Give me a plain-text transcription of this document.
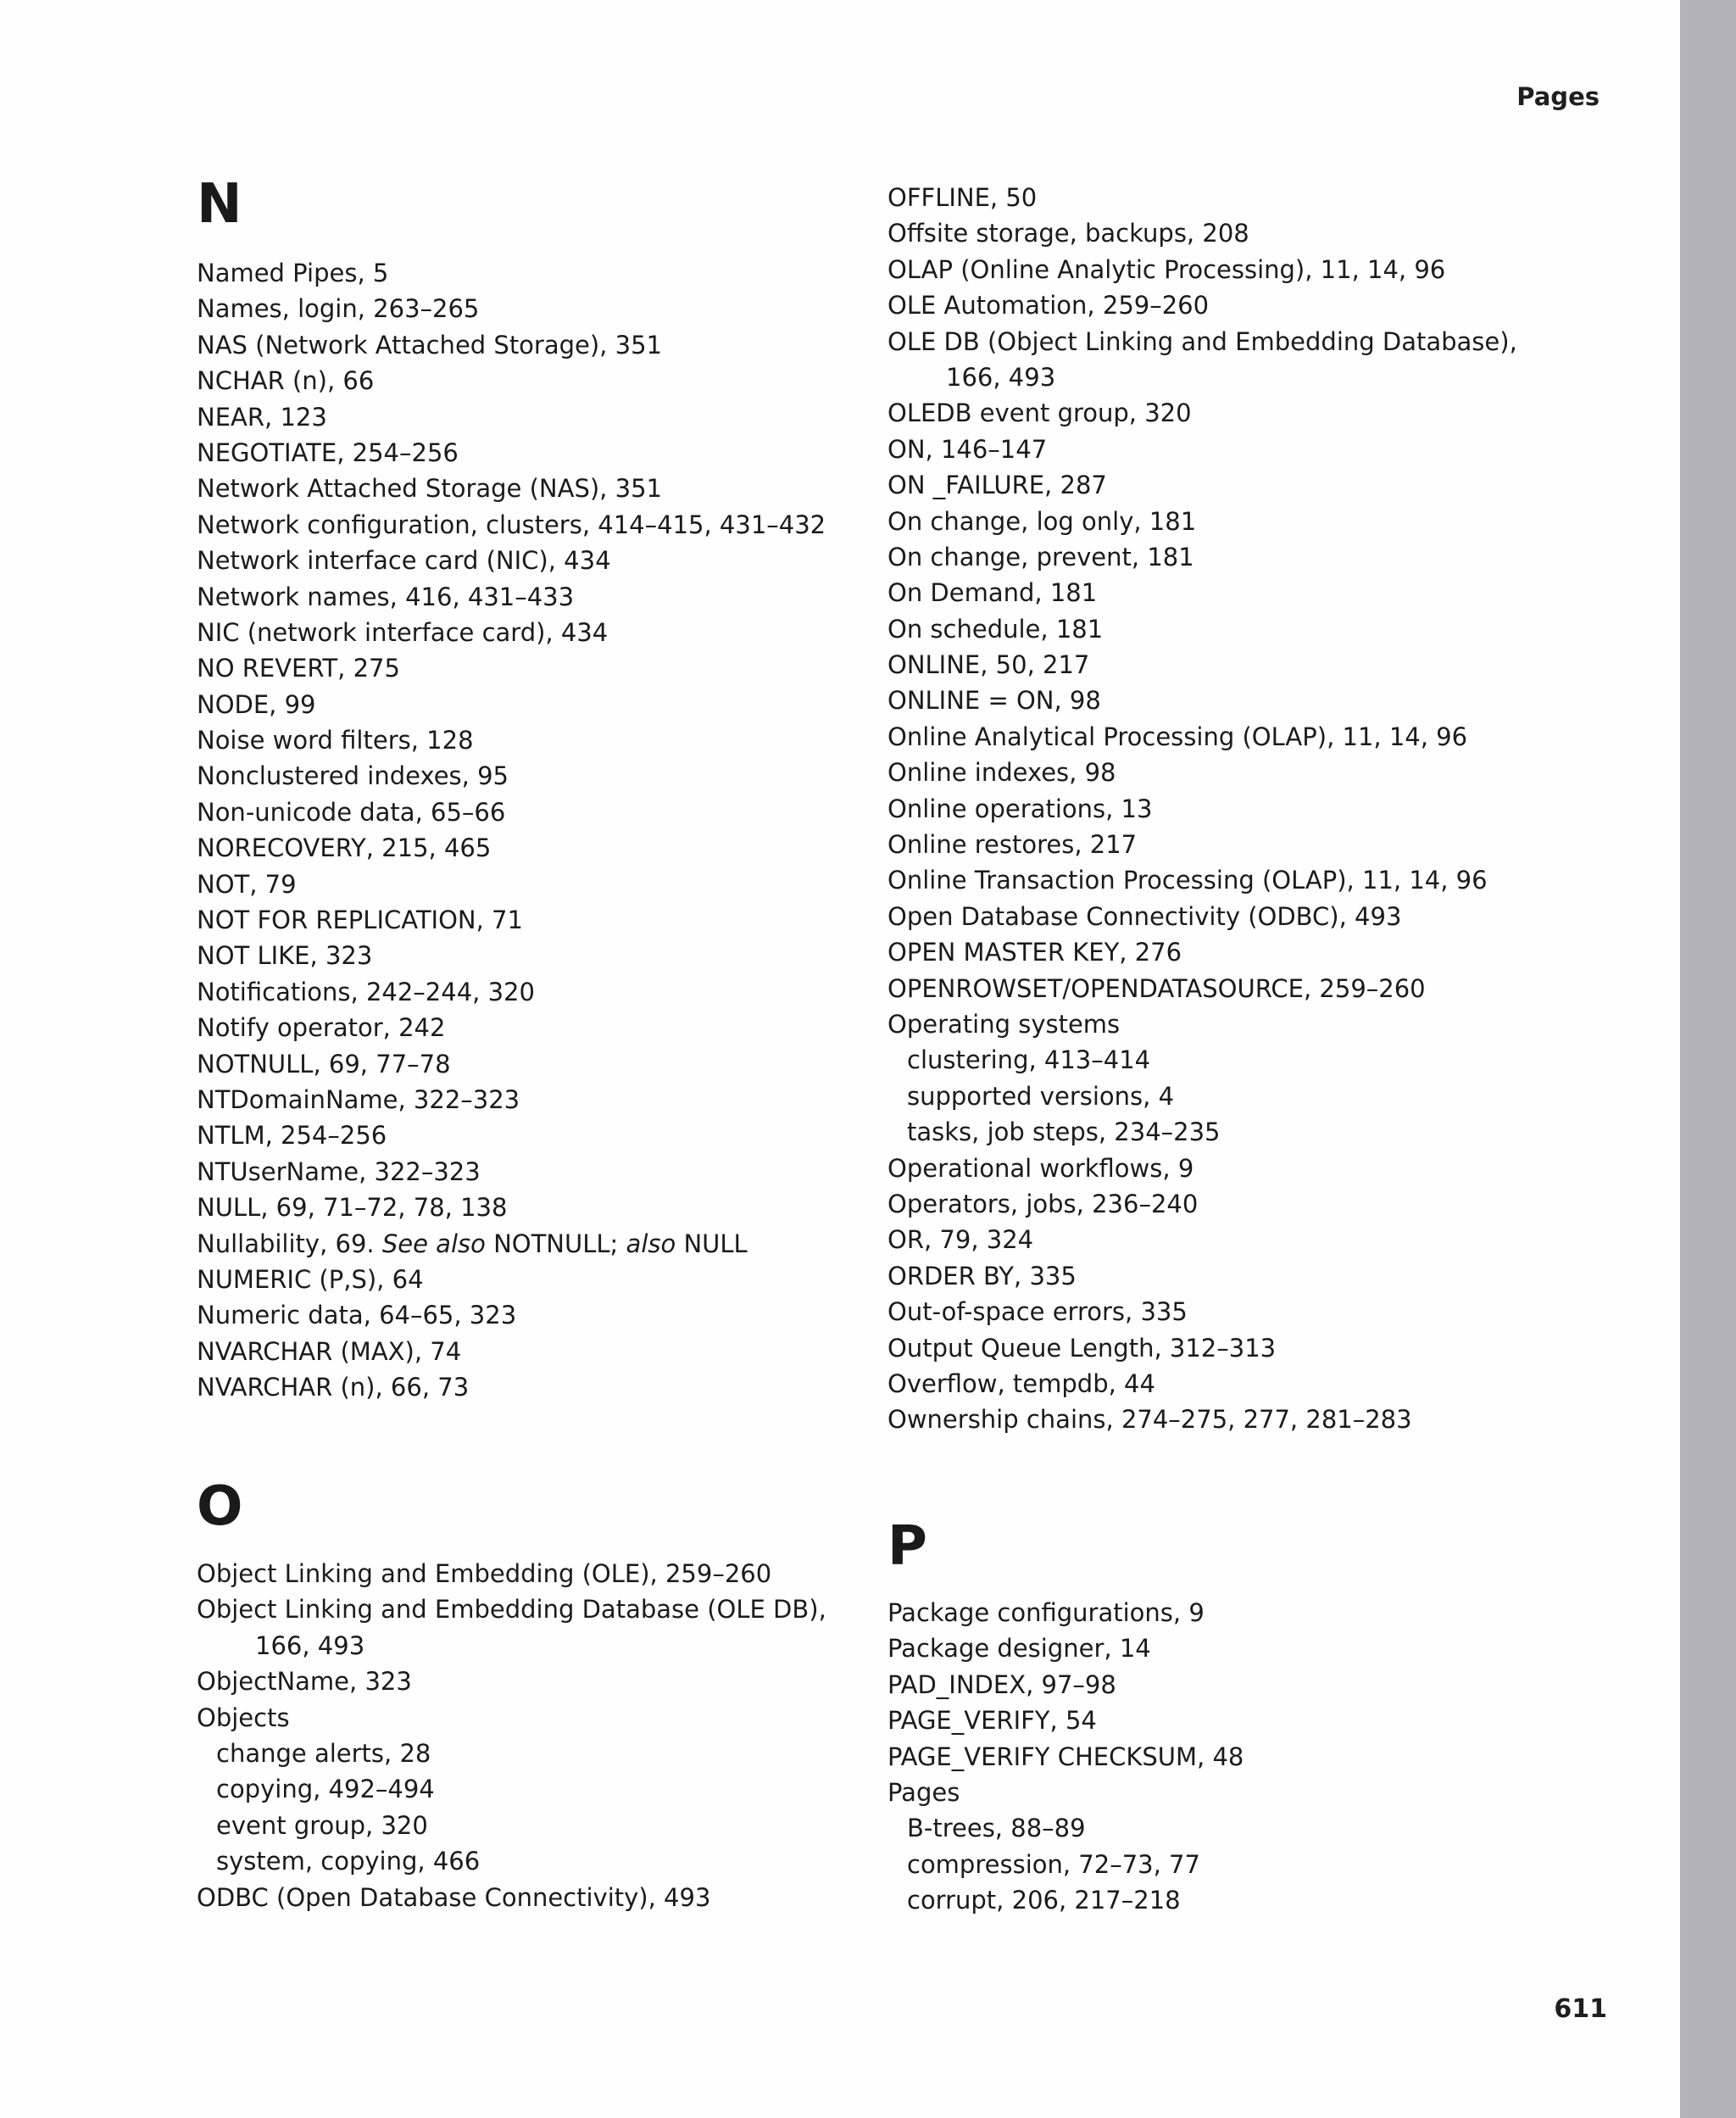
Pages
N
Named Pipes, 5
Names, login, 263–265
NAS (Network Attached Storage), 351
NCHAR (n), 66
NEAR, 123
NEGOTIATE, 254–256
Network Attached Storage (NAS), 351
Network configuration, clusters, 414–415, 431–432
Network interface card (NIC), 434
Network names, 416, 431–433
NIC (network interface card), 434
NO REVERT, 275
NODE, 99
Noise word filters, 128
Nonclustered indexes, 95
Non-unicode data, 65–66
NORECOVERY, 215, 465
NOT, 79
NOT FOR REPLICATION, 71
NOT LIKE, 323
Notifications, 242–244, 320
Notify operator, 242
NOTNULL, 69, 77–78
NTDomainName, 322–323
NTLM, 254–256
NTUserName, 322–323
NULL, 69, 71–72, 78, 138
Nullability, 69. See also NOTNULL; also NULL
NUMERIC (P,S), 64
Numeric data, 64–65, 323
NVARCHAR (MAX), 74
NVARCHAR (n), 66, 73
O
Object Linking and Embedding (OLE), 259–260
Object Linking and Embedding Database (OLE DB),
166, 493
ObjectName, 323
Objects
change alerts, 28
copying, 492–494
event group, 320
system, copying, 466
ODBC (Open Database Connectivity), 493
OFFLINE, 50
Offsite storage, backups, 208
OLAP (Online Analytic Processing), 11, 14, 96
OLE Automation, 259–260
OLE DB (Object Linking and Embedding Database),
166, 493
OLEDB event group, 320
ON, 146–147
ON _FAILURE, 287
On change, log only, 181
On change, prevent, 181
On Demand, 181
On schedule, 181
ONLINE, 50, 217
ONLINE = ON, 98
Online Analytical Processing (OLAP), 11, 14, 96
Online indexes, 98
Online operations, 13
Online restores, 217
Online Transaction Processing (OLAP), 11, 14, 96
Open Database Connectivity (ODBC), 493
OPEN MASTER KEY, 276
OPENROWSET/OPENDATASOURCE, 259–260
Operating systems
clustering, 413–414
supported versions, 4
tasks, job steps, 234–235
Operational workflows, 9
Operators, jobs, 236–240
OR, 79, 324
ORDER BY, 335
Out-of-space errors, 335
Output Queue Length, 312–313
Overflow, tempdb, 44
Ownership chains, 274–275, 277, 281–283
P
Package configurations, 9
Package designer, 14
PAD_INDEX, 97–98
PAGE_VERIFY, 54
PAGE_VERIFY CHECKSUM, 48
Pages
B-trees, 88–89
compression, 72–73, 77
corrupt, 206, 217–218
611
